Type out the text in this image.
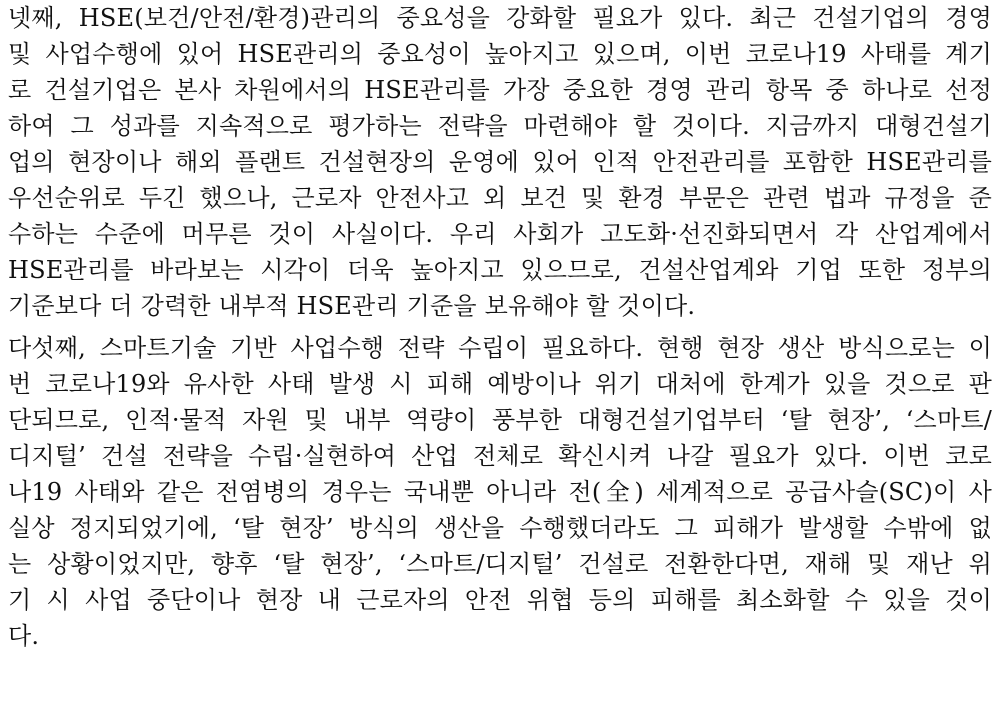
넷째, HSE(보건/안전/환경)관리의 중요성을 강화할 필요가 있다. 최근 건설기업의 경영
및 사업수행에 있어 HSE관리의 중요성이 높아지고 있으며, 이번 코로나19 사태를 계기
로 건설기업은 본사 차원에서의 HSE관리를 가장 중요한 경영 관리 항목 중 하나로 선정
하여 그 성과를 지속적으로 평가하는 전략을 마련해야 할 것이다. 지금까지 대형건설기
업의 현장이나 해외 플랜트 건설현장의 운영에 있어 인적 안전관리를 포함한 HSE관리를
우선순위로 두긴 했으나, 근로자 안전사고 외 보건 및 환경 부문은 관련 법과 규정을 준
수하는 수준에 머무른 것이 사실이다. 우리 사회가 고도화·선진화되면서 각 산업계에서
HSE관리를 바라보는 시각이 더욱 높아지고 있으므로, 건설산업계와 기업 또한 정부의
기준보다 더 강력한 내부적 HSE관리 기준을 보유해야 할 것이다.
다섯째, 스마트기술 기반 사업수행 전략 수립이 필요하다. 현행 현장 생산 방식으로는 이
번 코로나19와 유사한 사태 발생 시 피해 예방이나 위기 대처에 한계가 있을 것으로 판
단되므로, 인적·물적 자원 및 내부 역량이 풍부한 대형건설기업부터 ‘탈 현장’, ‘스마트/
디지털’ 건설 전략을 수립·실현하여 산업 전체로 확신시켜 나갈 필요가 있다. 이번 코로
나19 사태와 같은 전염병의 경우는 국내뿐 아니라 전(全) 세계적으로 공급사슬(SC)이 사
실상 정지되었기에, ‘탈 현장’ 방식의 생산을 수행했더라도 그 피해가 발생할 수밖에 없
는 상황이었지만, 향후 ‘탈 현장’, ‘스마트/디지털’ 건설로 전환한다면, 재해 및 재난 위
기 시 사업 중단이나 현장 내 근로자의 안전 위협 등의 피해를 최소화할 수 있을 것이
다.
